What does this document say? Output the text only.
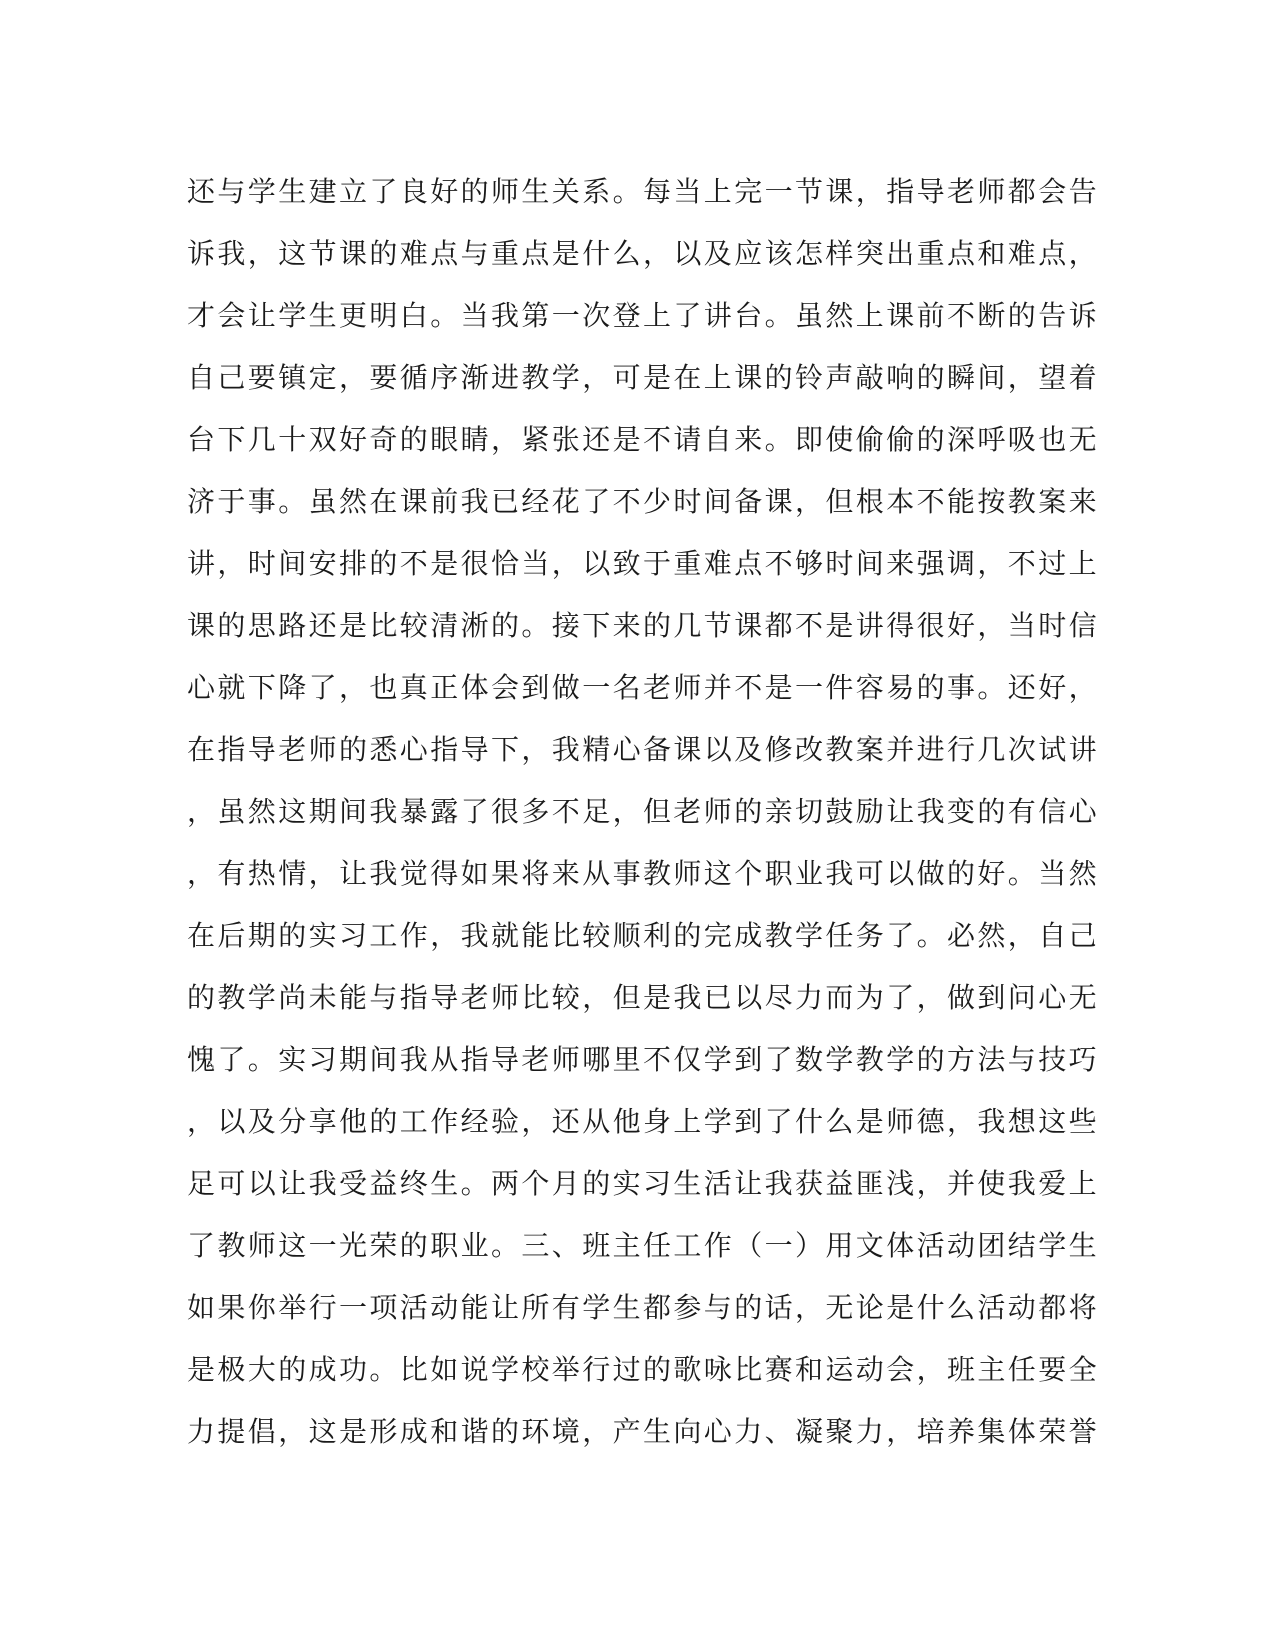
还与学生建立了良好的师生关系。每当上完一节课，指导老师都会告
诉我，这节课的难点与重点是什么，以及应该怎样突出重点和难点，
才会让学生更明白。当我第一次登上了讲台。虽然上课前不断的告诉
自己要镇定，要循序渐进教学，可是在上课的铃声敲响的瞬间，望着
台下几十双好奇的眼睛，紧张还是不请自来。即使偷偷的深呼吸也无
济于事。虽然在课前我已经花了不少时间备课，但根本不能按教案来
讲，时间安排的不是很恰当，以致于重难点不够时间来强调，不过上
课的思路还是比较清淅的。接下来的几节课都不是讲得很好，当时信
心就下降了，也真正体会到做一名老师并不是一件容易的事。还好，
在指导老师的悉心指导下，我精心备课以及修改教案并进行几次试讲
，虽然这期间我暴露了很多不足，但老师的亲切鼓励让我变的有信心
，有热情，让我觉得如果将来从事教师这个职业我可以做的好。当然
在后期的实习工作，我就能比较顺利的完成教学任务了。必然，自己
的教学尚未能与指导老师比较，但是我已以尽力而为了，做到问心无
愧了。实习期间我从指导老师哪里不仅学到了数学教学的方法与技巧
，以及分享他的工作经验，还从他身上学到了什么是师德，我想这些
足可以让我受益终生。两个月的实习生活让我获益匪浅，并使我爱上
了教师这一光荣的职业。三、班主任工作（一）用文体活动团结学生
如果你举行一项活动能让所有学生都参与的话，无论是什么活动都将
是极大的成功。比如说学校举行过的歌咏比赛和运动会，班主任要全
力提倡，这是形成和谐的环境，产生向心力、凝聚力，培养集体荣誉
